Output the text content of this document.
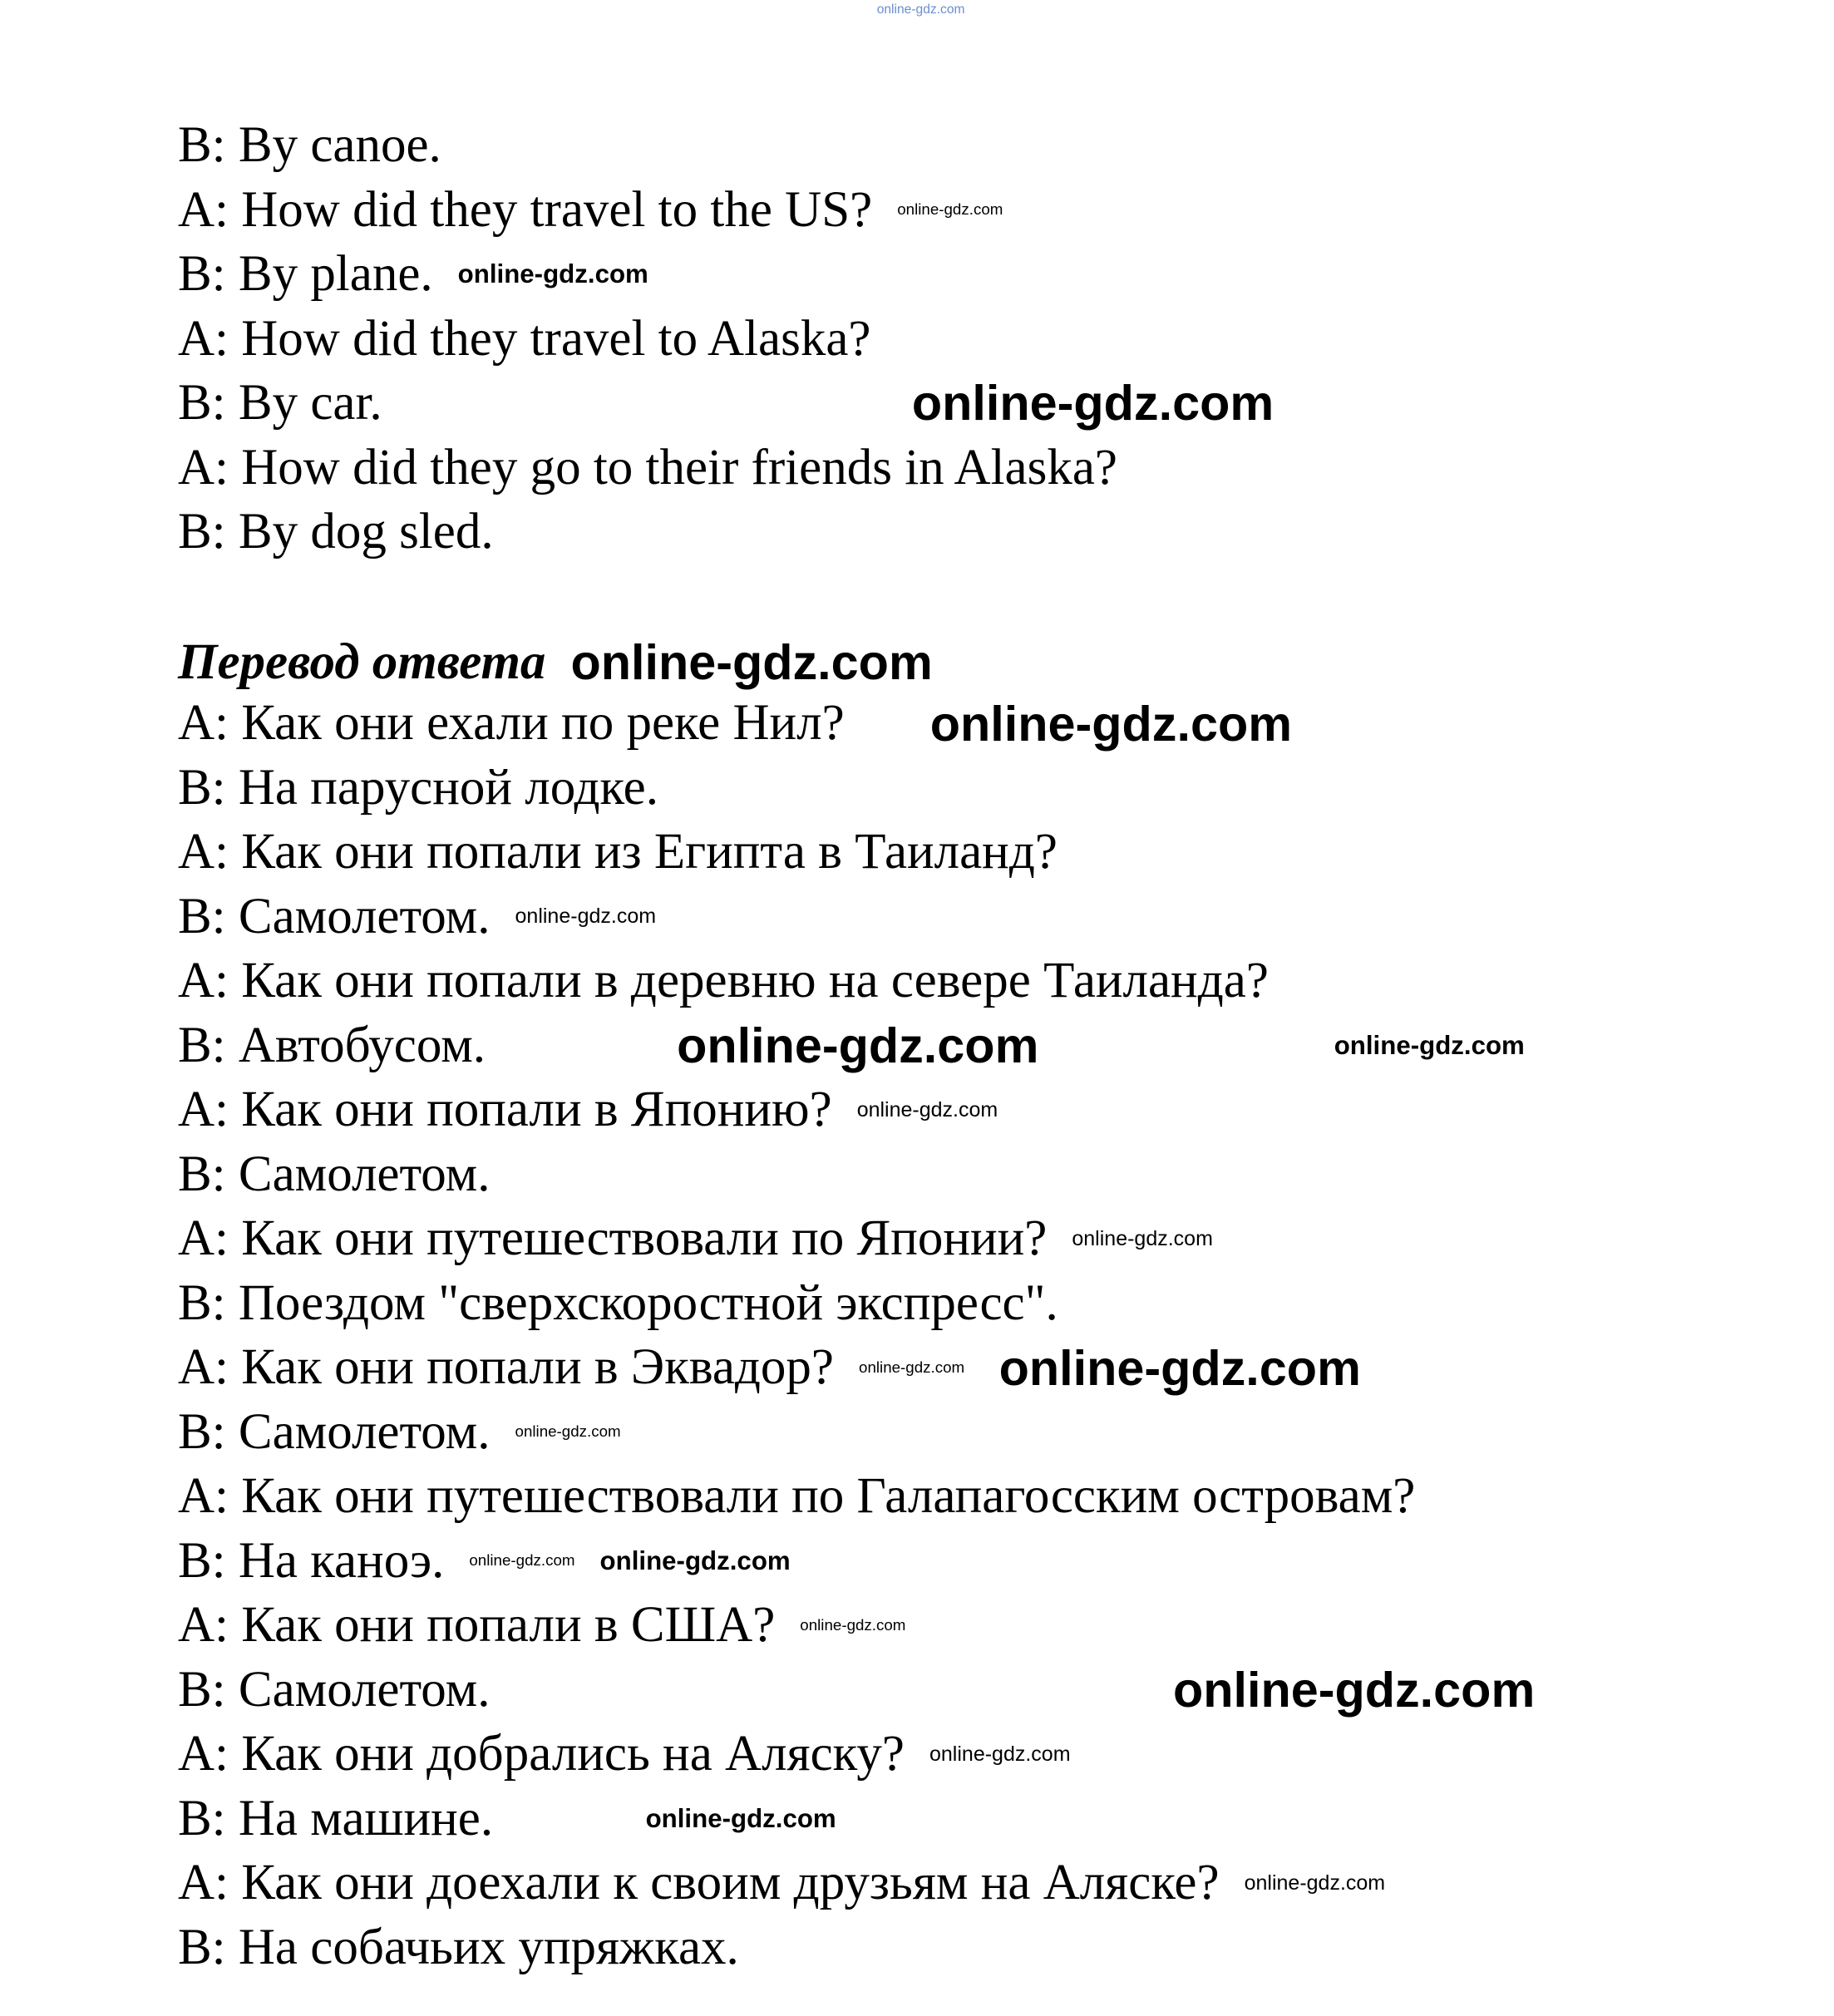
B: By canoe.
A: How did they travel to the US?
B: By plane.
A: How did they travel to Alaska?
B: By car.
A: How did they go to their friends in Alaska?
B: By dog sled.
Перевод ответа
A: Как они ехали по реке Нил?
B: На парусной лодке.
A: Как они попали из Египта в Таиланд?
B: Самолетом.
A: Как они попали в деревню на севере Таиланда?
B: Автобусом.
A: Как они попали в Японию?
B: Самолетом.
A: Как они путешествовали по Японии?
B: Поездом "сверхскоростной экспресс".
A: Как они попали в Эквадор?
B: Самолетом.
A: Как они путешествовали по Галапагосским островам?
B: На каноэ.
A: Как они попали в США?
B: Самолетом.
A: Как они добрались на Аляску?
B: На машине.
A: Как они доехали к своим друзьям на Аляске?
B: На собачьих упряжках.
online-gdz.com
online-gdz.com
online-gdz.com
online-gdz.com
online-gdz.com
online-gdz.com
online-gdz.com
online-gdz.com	online-gdz.com
online-gdz.com
online-gdz.com
online-gdz.com online-gdz.com
online-gdz.com
online-gdz.com online-gdz.com
online-gdz.com
online-gdz.com
online-gdz.com
online-gdz.com
online-gdz.com
